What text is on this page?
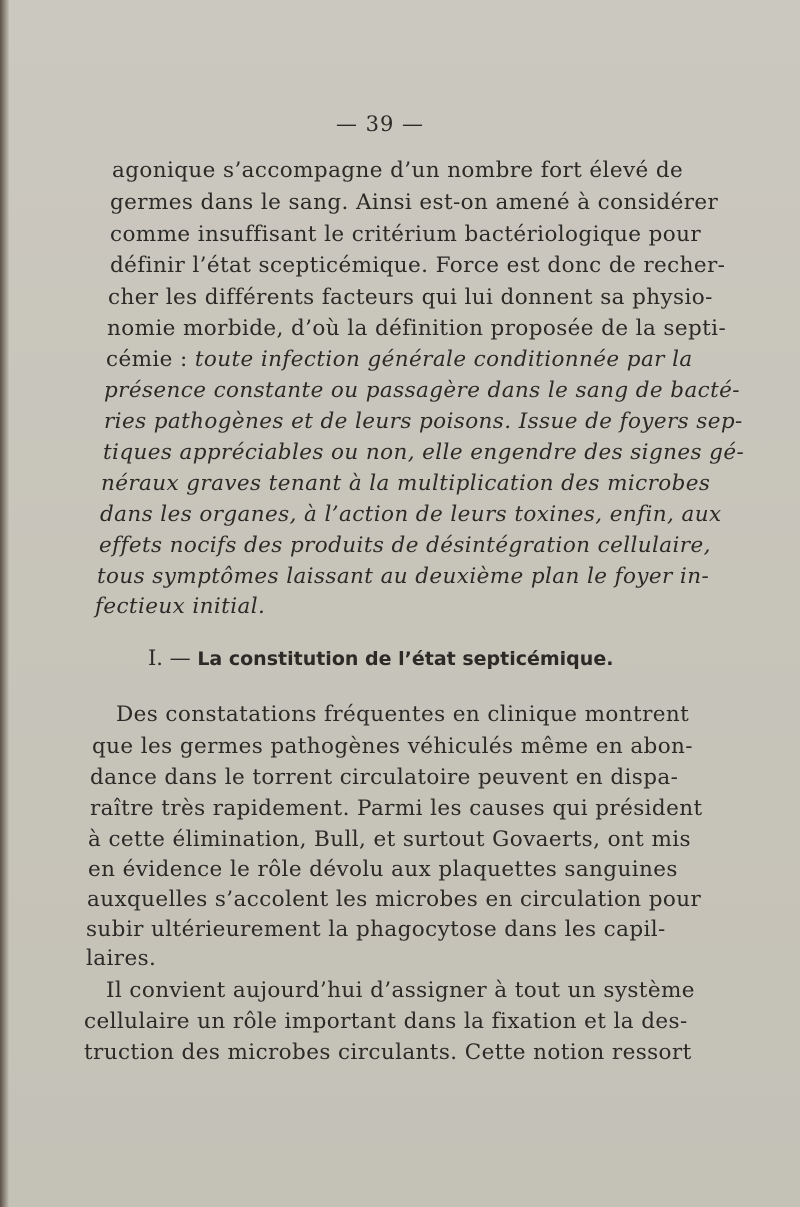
— 39 —
agonique s’accompagne d’un nombre fort élevé de
germes dans le sang. Ainsi est-on amené à considérer
comme insuffisant le critérium bactériologique pour
définir l’état scepticémique. Force est donc de recher-
cher les différents facteurs qui lui donnent sa physio-
nomie morbide, d’où la définition proposée de la septi-
cémie : toute infection générale conditionnée par la
présence constante ou passagère dans le sang de bacté-
ries pathogènes et de leurs poisons. Issue de foyers sep-
tiques appréciables ou non, elle engendre des signes gé-
néraux graves tenant à la multiplication des microbes
dans les organes, à l’action de leurs toxines, enfin, aux
effets nocifs des produits de désintégration cellulaire,
tous symptômes laissant au deuxième plan le foyer in-
fectieux initial.
I. — La constitution de l’état septicémique.
Des constatations fréquentes en clinique montrent
que les germes pathogènes véhiculés même en abon-
dance dans le torrent circulatoire peuvent en dispa-
raître très rapidement. Parmi les causes qui président
à cette élimination, Bull, et surtout Govaerts, ont mis
en évidence le rôle dévolu aux plaquettes sanguines
auxquelles s’accolent les microbes en circulation pour
subir ultérieurement la phagocytose dans les capil-
laires.
Il convient aujourd’hui d’assigner à tout un système
cellulaire un rôle important dans la fixation et la des-
truction des microbes circulants. Cette notion ressort
